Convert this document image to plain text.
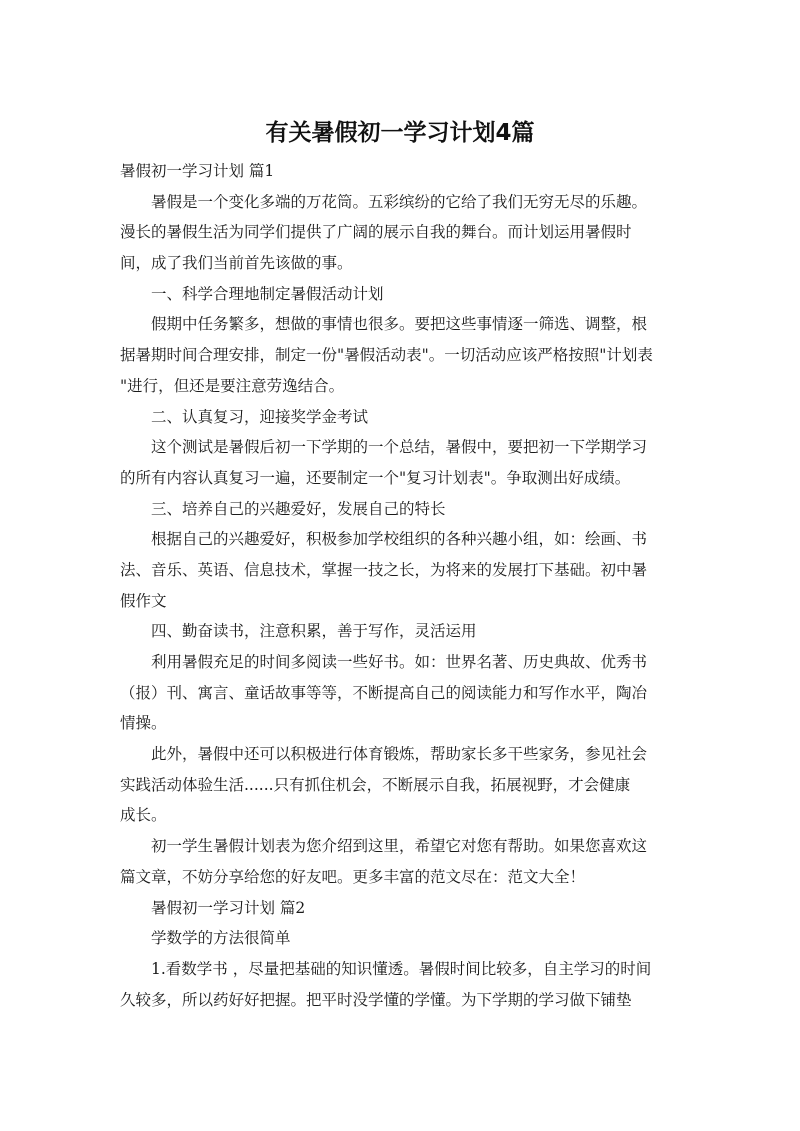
有关暑假初一学习计划4篇
暑假初一学习计划 篇1
暑假是一个变化多端的万花筒。五彩缤纷的它给了我们无穷无尽的乐趣。
漫长的暑假生活为同学们提供了广阔的展示自我的舞台。而计划运用暑假时
间，成了我们当前首先该做的事。
一、科学合理地制定暑假活动计划
假期中任务繁多，想做的事情也很多。要把这些事情逐一筛选、调整，根
据暑期时间合理安排，制定一份"暑假活动表"。一切活动应该严格按照"计划表
"进行，但还是要注意劳逸结合。
二、认真复习，迎接奖学金考试
这个测试是暑假后初一下学期的一个总结，暑假中，要把初一下学期学习
的所有内容认真复习一遍，还要制定一个"复习计划表"。争取测出好成绩。
三、培养自己的兴趣爱好，发展自己的特长
根据自己的兴趣爱好，积极参加学校组织的各种兴趣小组，如：绘画、书
法、音乐、英语、信息技术，掌握一技之长，为将来的发展打下基础。初中暑
假作文
四、勤奋读书，注意积累，善于写作，灵活运用
利用暑假充足的时间多阅读一些好书。如：世界名著、历史典故、优秀书
（报）刊、寓言、童话故事等等，不断提高自己的阅读能力和写作水平，陶冶
情操。
此外，暑假中还可以积极进行体育锻炼，帮助家长多干些家务，参见社会
实践活动体验生活......只有抓住机会，不断展示自我，拓展视野，才会健康
成长。
初一学生暑假计划表为您介绍到这里，希望它对您有帮助。如果您喜欢这
篇文章，不妨分享给您的好友吧。更多丰富的范文尽在：范文大全！
暑假初一学习计划 篇2
学数学的方法很简单
1.看数学书 ，尽量把基础的知识懂透。暑假时间比较多，自主学习的时间
久较多，所以药好好把握。把平时没学懂的学懂。为下学期的学习做下铺垫
